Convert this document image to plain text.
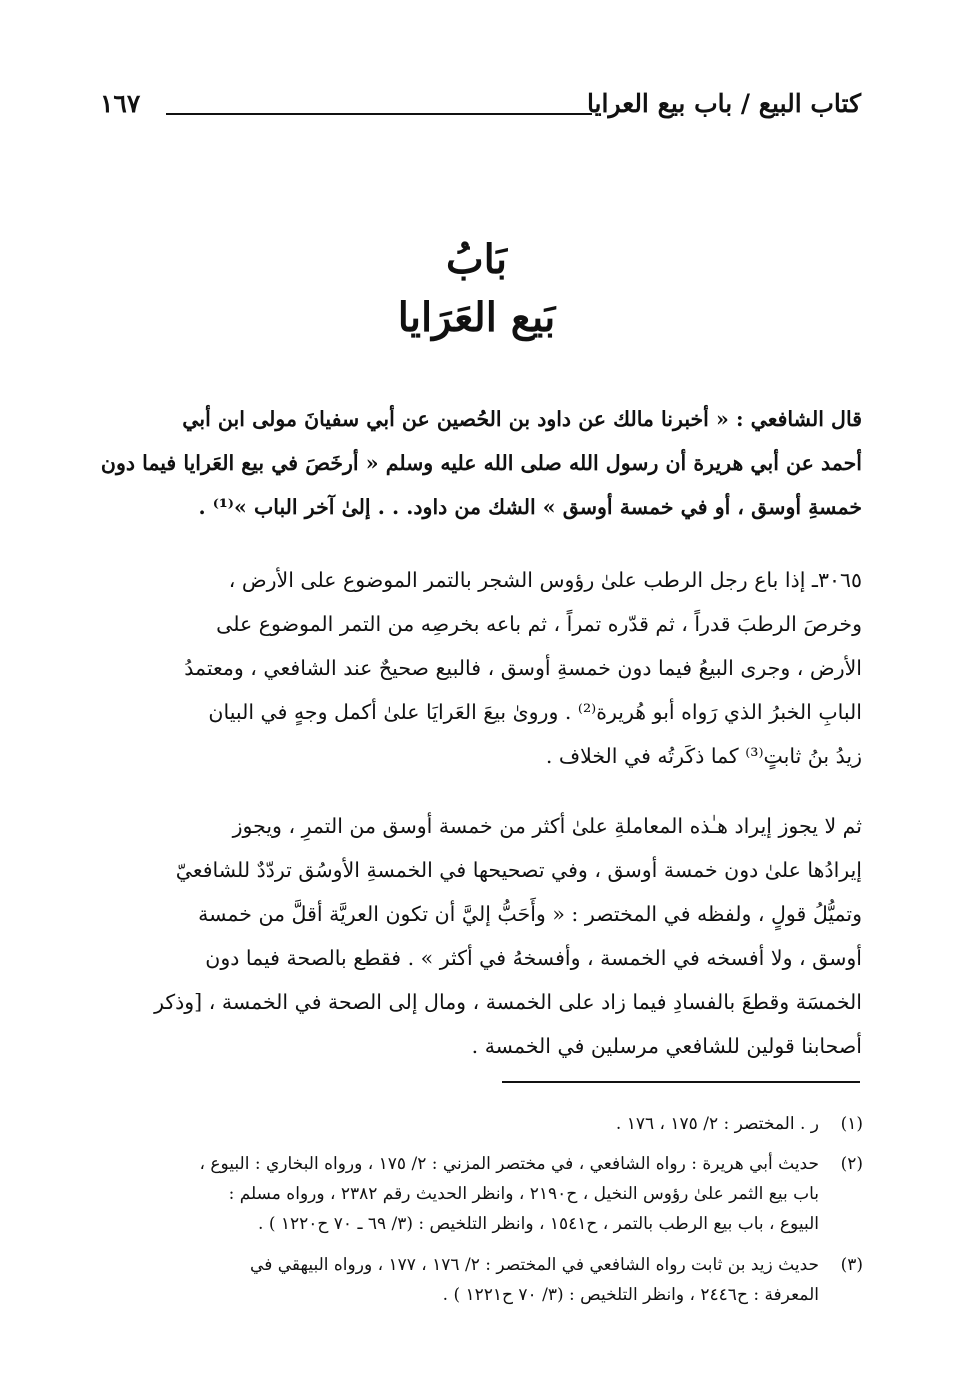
كتاب البيع / باب بيع العرايا
١٦٧
بَابُ
بَيع العَرَايا

قال الشافعي : « أخبرنا مالك عن داود بن الحُصين عن أبي سفيانَ مولى ابن أبي

أحمد عن أبي هريرة أن رسول الله صلى الله عليه وسلم « أرخَصَ في بيع العَرايا فيما دون

خمسةِ أوسق ، أو في خمسة أوسق » الشك من داود. . . إلىٰ آخر الباب »⁽¹⁾ .

٣٠٦٥ـ إذا باع رجل الرطب علىٰ رؤوس الشجر بالتمر الموضوع على الأرض ،

وخرصَ الرطبَ قدراً ، ثم قدّره تمراً ، ثم باعه بخرصِه من التمر الموضوع على

الأرض ، وجرى البيعُ فيما دون خمسةِ أوسق ، فالبيع صحيحٌ عند الشافعي ، ومعتمدُ

البابِ الخبرُ الذي رَواه أبو هُريرة⁽²⁾ . وروىٰ بيعَ العَرايَا علىٰ أكمل وجهٍ في البيان

زيدُ بنُ ثابتٍ⁽³⁾ كما ذكَرتُه في الخلاف .

ثم لا يجوز إيراد هـٰذه المعاملةِ علىٰ أكثر من خمسة أوسق من التمرِ ، ويجوز

إيرادُها علىٰ دون خمسة أوسق ، وفي تصحيحها في الخمسةِ الأوسُق تردّدٌ للشافعيّ

وتميُّلُ قولٍ ، ولفظه في المختصر : « وأَحَبُّ إليَّ أن تكون العريَّة أقلَّ من خمسة

أوسق ، ولا أفسخه في الخمسة ، وأفسخهُ في أكثر » . فقطع بالصحة فيما دون

الخمسَة وقطعَ بالفسادِ فيما زاد على الخمسة ، ومال إلى الصحة في الخمسة ، [وذكر

أصحابنا قولين للشافعي مرسلين في الخمسة .

(١)
ر . المختصر : ٢/ ١٧٥ ، ١٧٦ .
(٢)
حديث أبي هريرة : رواه الشافعي ، في مختصر المزني : ٢/ ١٧٥ ، ورواه البخاري : البيوع ،
باب بيع الثمر علىٰ رؤوس النخيل ، ح٢١٩٠ ، وانظر الحديث رقم ٢٣٨٢ ، ورواه مسلم :
البيوع ، باب بيع الرطب بالتمر ، ح١٥٤١ ، وانظر التلخيص : (٣/ ٦٩ ـ ٧٠ ح١٢٢٠ ) .
(٣)
حديث زيد بن ثابت رواه الشافعي في المختصر : ٢/ ١٧٦ ، ١٧٧ ، ورواه البيهقي في
المعرفة : ح٢٤٤٦ ، وانظر التلخيص : (٣/ ٧٠ ح١٢٢١ ) .
